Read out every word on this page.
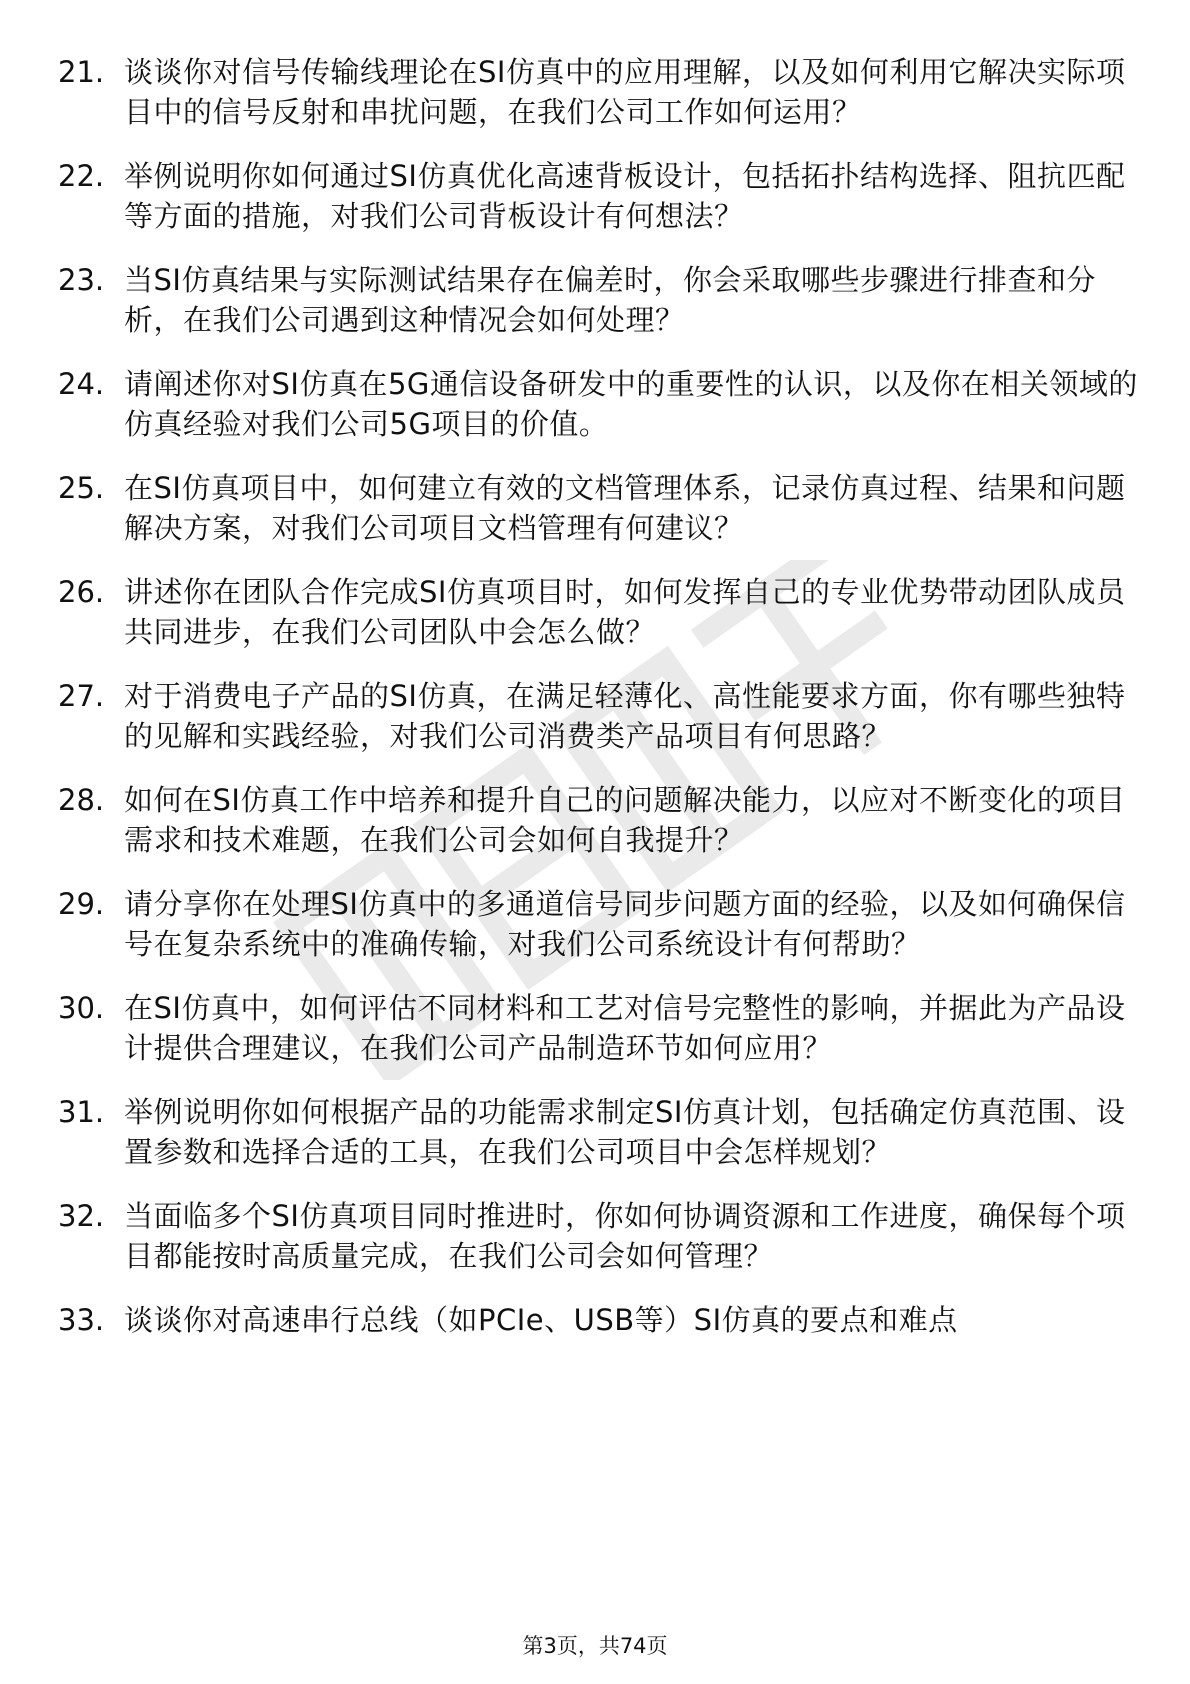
21. 谈谈你对信号传输线理论在SI仿真中的应用理解，以及如何利用它解决实际项目中的信号反射和串扰问题，在我们公司工作如何运用？
22. 举例说明你如何通过SI仿真优化高速背板设计，包括拓扑结构选择、阻抗匹配等方面的措施，对我们公司背板设计有何想法？
23. 当SI仿真结果与实际测试结果存在偏差时，你会采取哪些步骤进行排查和分析，在我们公司遇到这种情况会如何处理？
24. 请阐述你对SI仿真在5G通信设备研发中的重要性的认识，以及你在相关领域的仿真经验对我们公司5G项目的价值。
25. 在SI仿真项目中，如何建立有效的文档管理体系，记录仿真过程、结果和问题解决方案，对我们公司项目文档管理有何建议？
26. 讲述你在团队合作完成SI仿真项目时，如何发挥自己的专业优势带动团队成员共同进步，在我们公司团队中会怎么做？
27. 对于消费电子产品的SI仿真，在满足轻薄化、高性能要求方面，你有哪些独特的见解和实践经验，对我们公司消费类产品项目有何思路？
28. 如何在SI仿真工作中培养和提升自己的问题解决能力，以应对不断变化的项目需求和技术难题，在我们公司会如何自我提升？
29. 请分享你在处理SI仿真中的多通道信号同步问题方面的经验，以及如何确保信号在复杂系统中的准确传输，对我们公司系统设计有何帮助？
30. 在SI仿真中，如何评估不同材料和工艺对信号完整性的影响，并据此为产品设计提供合理建议，在我们公司产品制造环节如何应用？
31. 举例说明你如何根据产品的功能需求制定SI仿真计划，包括确定仿真范围、设置参数和选择合适的工具，在我们公司项目中会怎样规划？
32. 当面临多个SI仿真项目同时推进时，你如何协调资源和工作进度，确保每个项目都能按时高质量完成，在我们公司会如何管理？
33. 谈谈你对高速串行总线（如PCIe、USB等）SI仿真的要点和难点
第3页，共74页
